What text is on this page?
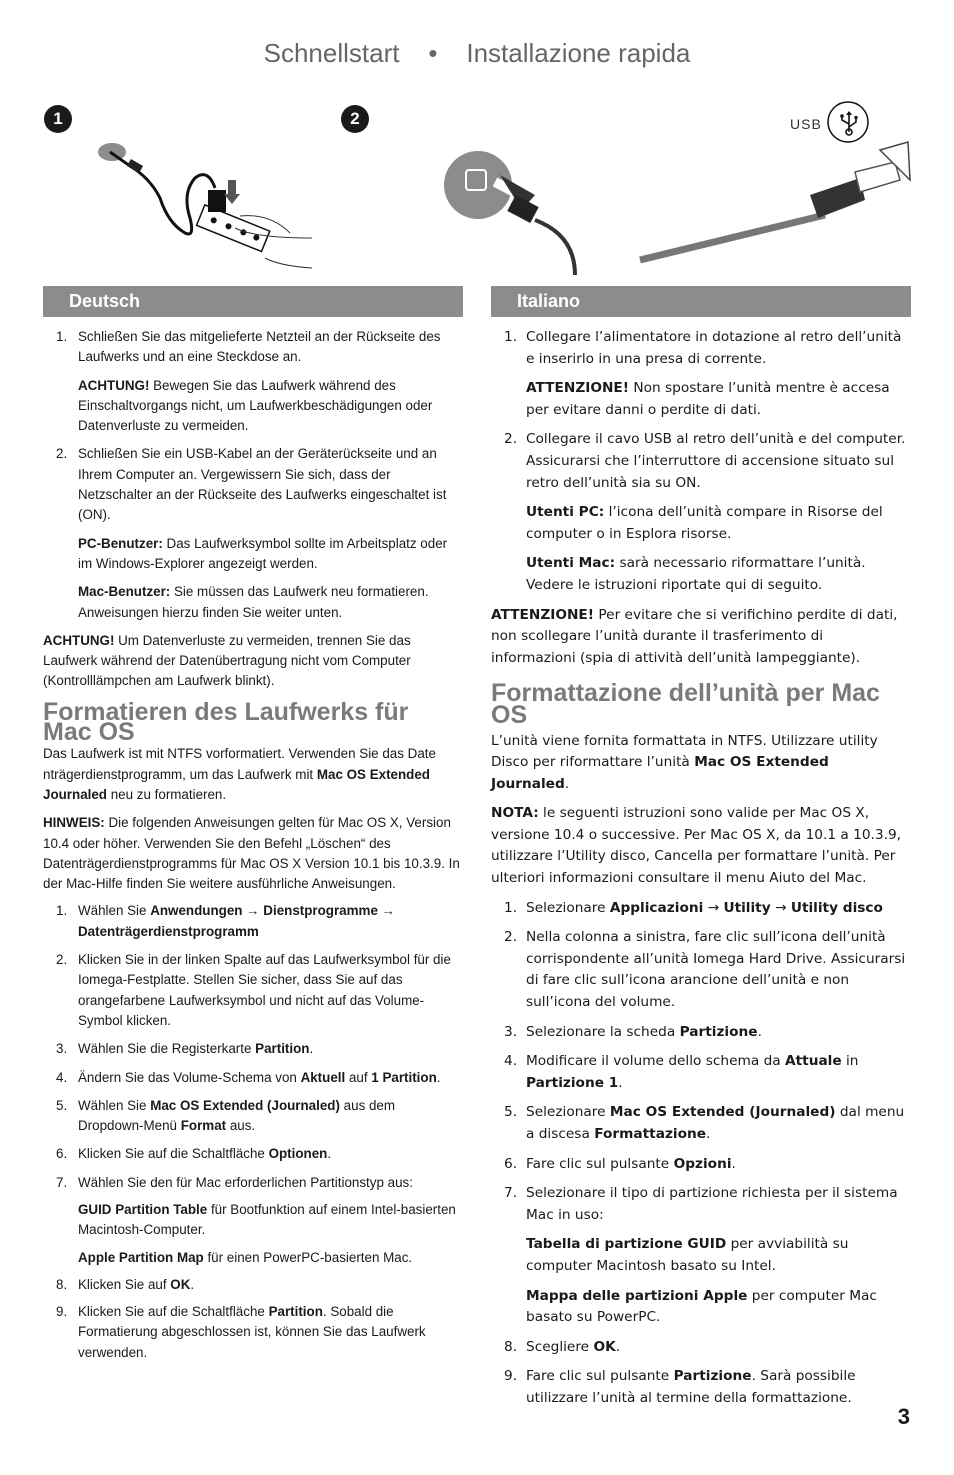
Schnellstart    •    Installazione rapida
1	2	USB
Deutsch
1. Schließen Sie das mitgelieferte Netzteil an der Rückseite des Laufwerks und an eine Steckdose an.

ACHTUNG! Bewegen Sie das Laufwerk während des Einschaltvorgangs nicht, um Laufwerkbeschädigungen oder Datenverluste zu vermeiden.

2. Schließen Sie ein USB-Kabel an der Geräterückseite und an Ihrem Computer an. Vergewissern Sie sich, dass der Netzschalter an der Rückseite des Laufwerks eingeschaltet ist (ON).

PC-Benutzer: Das Laufwerksymbol sollte im Arbeitsplatz oder im Windows-Explorer angezeigt werden.

Mac-Benutzer: Sie müssen das Laufwerk neu formatieren. Anweisungen hierzu finden Sie weiter unten.

ACHTUNG! Um Datenverluste zu vermeiden, trennen Sie das Laufwerk während der Datenübertragung nicht vom Computer (Kontrolllämpchen am Laufwerk blinkt).

Formatieren des Laufwerks für Mac OS

Das Laufwerk ist mit NTFS vorformatiert. Verwenden Sie das Date nträgerdienstprogramm, um das Laufwerk mit Mac OS Extended Journaled neu zu formatieren.

HINWEIS: Die folgenden Anweisungen gelten für Mac OS X, Version 10.4 oder höher. Verwenden Sie den Befehl „Löschen“ des Datenträgerdienstprogramms für Mac OS X Version 10.1 bis 10.3.9. In der Mac-Hilfe finden Sie weitere ausführliche Anweisungen.

1. Wählen Sie Anwendungen → Dienstprogramme → Datenträgerdienstprogramm
2. Klicken Sie in der linken Spalte auf das Laufwerksymbol für die Iomega-Festplatte. Stellen Sie sicher, dass Sie auf das orangefarbene Laufwerksymbol und nicht auf das Volume-Symbol klicken.
3. Wählen Sie die Registerkarte Partition.
4. Ändern Sie das Volume-Schema von Aktuell auf 1 Partition.
5. Wählen Sie Mac OS Extended (Journaled) aus dem Dropdown-Menü Format aus.
6. Klicken Sie auf die Schaltfläche Optionen.
7. Wählen Sie den für Mac erforderlichen Partitionstyp aus:

GUID Partition Table für Bootfunktion auf einem Intel-basierten Macintosh-Computer.

Apple Partition Map für einen PowerPC-basierten Mac.

8. Klicken Sie auf OK.
9. Klicken Sie auf die Schaltfläche Partition. Sobald die Formatierung abgeschlossen ist, können Sie das Laufwerk verwenden.
Italiano
1. Collegare l’alimentatore in dotazione al retro dell’unità e inserirlo in una presa di corrente.

ATTENZIONE! Non spostare l’unità mentre è accesa per evitare danni o perdite di dati.

2. Collegare il cavo USB al retro dell’unità e del computer. Assicurarsi che l’interruttore di accensione situato sul retro dell’unità sia su ON.

Utenti PC: l’icona dell’unità compare in Risorse del computer o in Esplora risorse.

Utenti Mac: sarà necessario riformattare l’unità. Vedere le istruzioni riportate qui di seguito.

ATTENZIONE! Per evitare che si verifichino perdite di dati, non scollegare l’unità durante il trasferimento di informazioni (spia di attività dell’unità lampeggiante).

Formattazione dell’unità per Mac OS

L’unità viene fornita formattata in NTFS. Utilizzare utility Disco per riformattare l’unità Mac OS Extended Journaled.

NOTA: le seguenti istruzioni sono valide per Mac OS X, versione 10.4 o successive. Per Mac OS X, da 10.1 a 10.3.9, utilizzare l’Utility disco, Cancella per formattare l’unità. Per ulteriori informazioni consultare il menu Aiuto del Mac.

1. Selezionare Applicazioni → Utility → Utility disco
2. Nella colonna a sinistra, fare clic sull’icona dell’unità corrispondente all’unità Iomega Hard Drive. Assicurarsi di fare clic sull’icona arancione dell’unità e non sull’icona del volume.
3. Selezionare la scheda Partizione.
4. Modificare il volume dello schema da Attuale in Partizione 1.
5. Selezionare Mac OS Extended (Journaled) dal menu a discesa Formattazione.
6. Fare clic sul pulsante Opzioni.
7. Selezionare il tipo di partizione richiesta per il sistema Mac in uso:

Tabella di partizione GUID per avviabilità su computer Macintosh basato su Intel.

Mappa delle partizioni Apple per computer Mac basato su PowerPC.

8. Scegliere OK.
9. Fare clic sul pulsante Partizione. Sarà possibile utilizzare l’unità al termine della formattazione.
3
